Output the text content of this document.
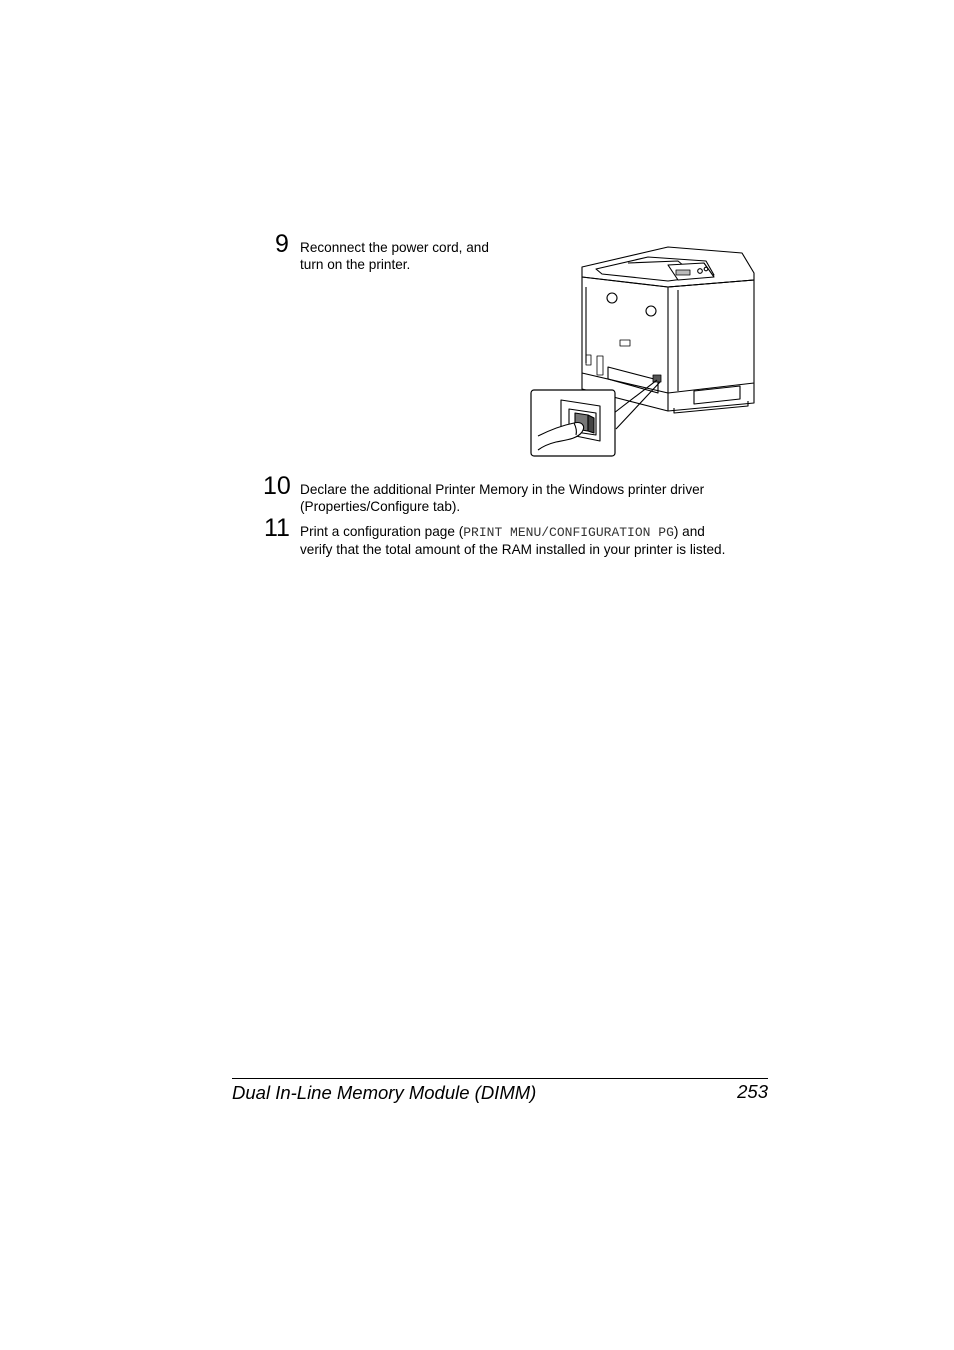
9 Reconnect the power cord, and
turn on the printer.
10 Declare the additional Printer Memory in the Windows printer driver
(Properties/Configure tab).
11 Print a configuration page (PRINT MENU/CONFIGURATION PG) and
verify that the total amount of the RAM installed in your printer is listed.
Dual In-Line Memory Module (DIMM)	253
